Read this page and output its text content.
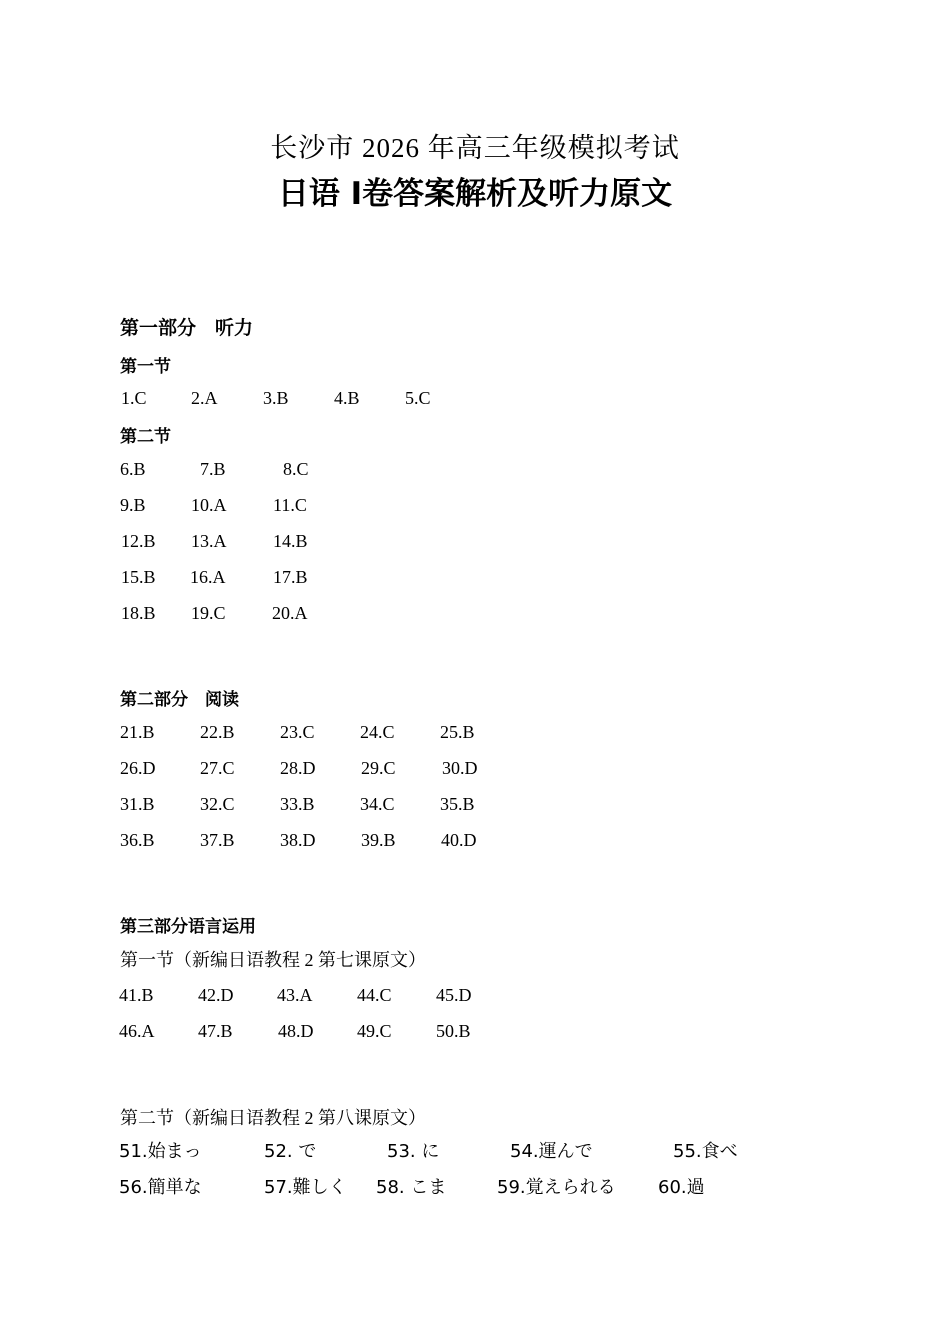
长沙市 2026 年高三年级模拟考试
日语 Ⅰ卷答案解析及听力原文
第一部分　听力
第一节
1.C 2.A	3.B	4.B	5.C
第二节
6.B	7.B	8.C
9.B	10.A	11.C
12.B 13.A	14.B
15.B 16.A	17.B
18.B 19.C	20.A
第二部分　阅读
21.B	22.B	23.C	24.C	25.B
26.D 27.C	28.D	29.C	30.D
31.B	32.C	33.B	34.C	35.B
36.B	37.B	38.D	39.B	40.D
第三部分语言运用
第一节（新编日语教程 2 第七课原文）
41.B 42.D 43.A 44.C 45.D
46.A 47.B	48.D 49.C 50.B
第二节（新编日语教程 2 第八课原文）
51.始まっ	52. で	53. に	54.運んで	55.食べ
56.簡単な	57.難しく 58. こま	59.覚えられる 60.過
